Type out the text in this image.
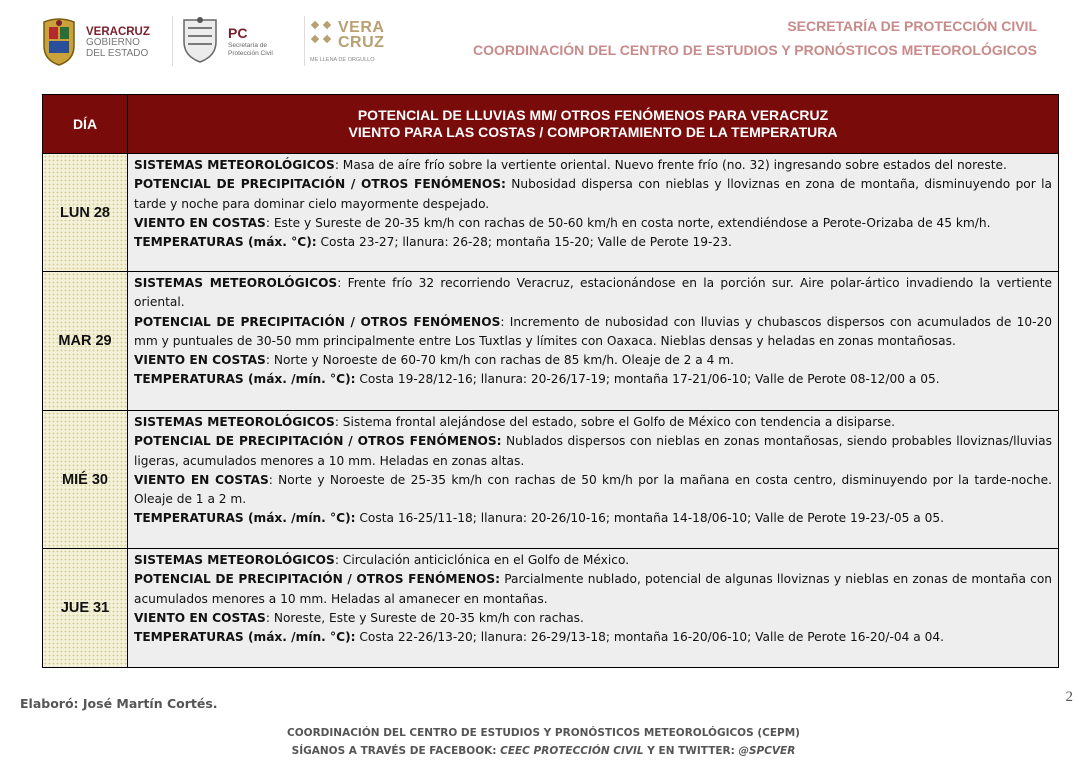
VERACRUZ
GOBIERNO
DEL ESTADO
PC
Secretaría de
Protección Civil
VERA
CRUZ
ME LLENA DE ORGULLO
SECRETARÍA DE PROTECCIÓN CIVIL
COORDINACIÓN DEL CENTRO DE ESTUDIOS Y PRONÓSTICOS METEOROLÓGICOS
DÍA	POTENCIAL DE LLUVIAS MM/ OTROS FENÓMENOS PARA VERACRUZ
VIENTO PARA LAS COSTAS / COMPORTAMIENTO DE LA TEMPERATURA
LUN 28	SISTEMAS METEOROLÓGICOS: Masa de aíre frío sobre la vertiente oriental. Nuevo frente frío (no. 32) ingresando sobre estados del noreste.

POTENCIAL DE PRECIPITACIÓN / OTROS FENÓMENOS: Nubosidad dispersa con nieblas y lloviznas en zona de montaña, disminuyendo por la tarde y noche para dominar cielo mayormente despejado.

VIENTO EN COSTAS: Este y Sureste de 20-35 km/h con rachas de 50-60 km/h en costa norte, extendiéndose a Perote-Orizaba de 45 km/h.

TEMPERATURAS (máx. °C): Costa 23-27; llanura: 26-28; montaña 15-20; Valle de Perote 19-23.

MAR 29	SISTEMAS METEOROLÓGICOS: Frente frío 32 recorriendo Veracruz, estacionándose en la porción sur. Aire polar-ártico invadiendo la vertiente oriental.

POTENCIAL DE PRECIPITACIÓN / OTROS FENÓMENOS: Incremento de nubosidad con lluvias y chubascos dispersos con acumulados de 10-20 mm y puntuales de 30-50 mm principalmente entre Los Tuxtlas y límites con Oaxaca. Nieblas densas y heladas en zonas montañosas.

VIENTO EN COSTAS: Norte y Noroeste de 60-70 km/h con rachas de 85 km/h. Oleaje de 2 a 4 m.

TEMPERATURAS (máx. /mín. °C): Costa 19-28/12-16; llanura: 20-26/17-19; montaña 17-21/06-10; Valle de Perote 08-12/00 a 05.

MIÉ 30	SISTEMAS METEOROLÓGICOS: Sistema frontal alejándose del estado, sobre el Golfo de México con tendencia a disiparse.

POTENCIAL DE PRECIPITACIÓN / OTROS FENÓMENOS: Nublados dispersos con nieblas en zonas montañosas, siendo probables lloviznas/lluvias ligeras, acumulados menores a 10 mm. Heladas en zonas altas.

VIENTO EN COSTAS: Norte y Noroeste de 25-35 km/h con rachas de 50 km/h por la mañana en costa centro, disminuyendo por la tarde-noche. Oleaje de 1 a 2 m.

TEMPERATURAS (máx. /mín. °C): Costa 16-25/11-18; llanura: 20-26/10-16; montaña 14-18/06-10; Valle de Perote 19-23/-05 a 05.

JUE 31	SISTEMAS METEOROLÓGICOS: Circulación anticiclónica en el Golfo de México.

POTENCIAL DE PRECIPITACIÓN / OTROS FENÓMENOS: Parcialmente nublado, potencial de algunas lloviznas y nieblas en zonas de montaña con acumulados menores a 10 mm. Heladas al amanecer en montañas.

VIENTO EN COSTAS: Noreste, Este y Sureste de 20-35 km/h con rachas.

TEMPERATURAS (máx. /mín. °C): Costa 22-26/13-20; llanura: 26-29/13-18; montaña 16-20/06-10; Valle de Perote 16-20/-04 a 04.

Elaboró: José Martín Cortés.	2
COORDINACIÓN DEL CENTRO DE ESTUDIOS Y PRONÓSTICOS METEOROLÓGICOS (CEPM)
SÍGANOS A TRAVÉS DE FACEBOOK: CEEC PROTECCIÓN CIVIL Y EN TWITTER: @SPCVER
